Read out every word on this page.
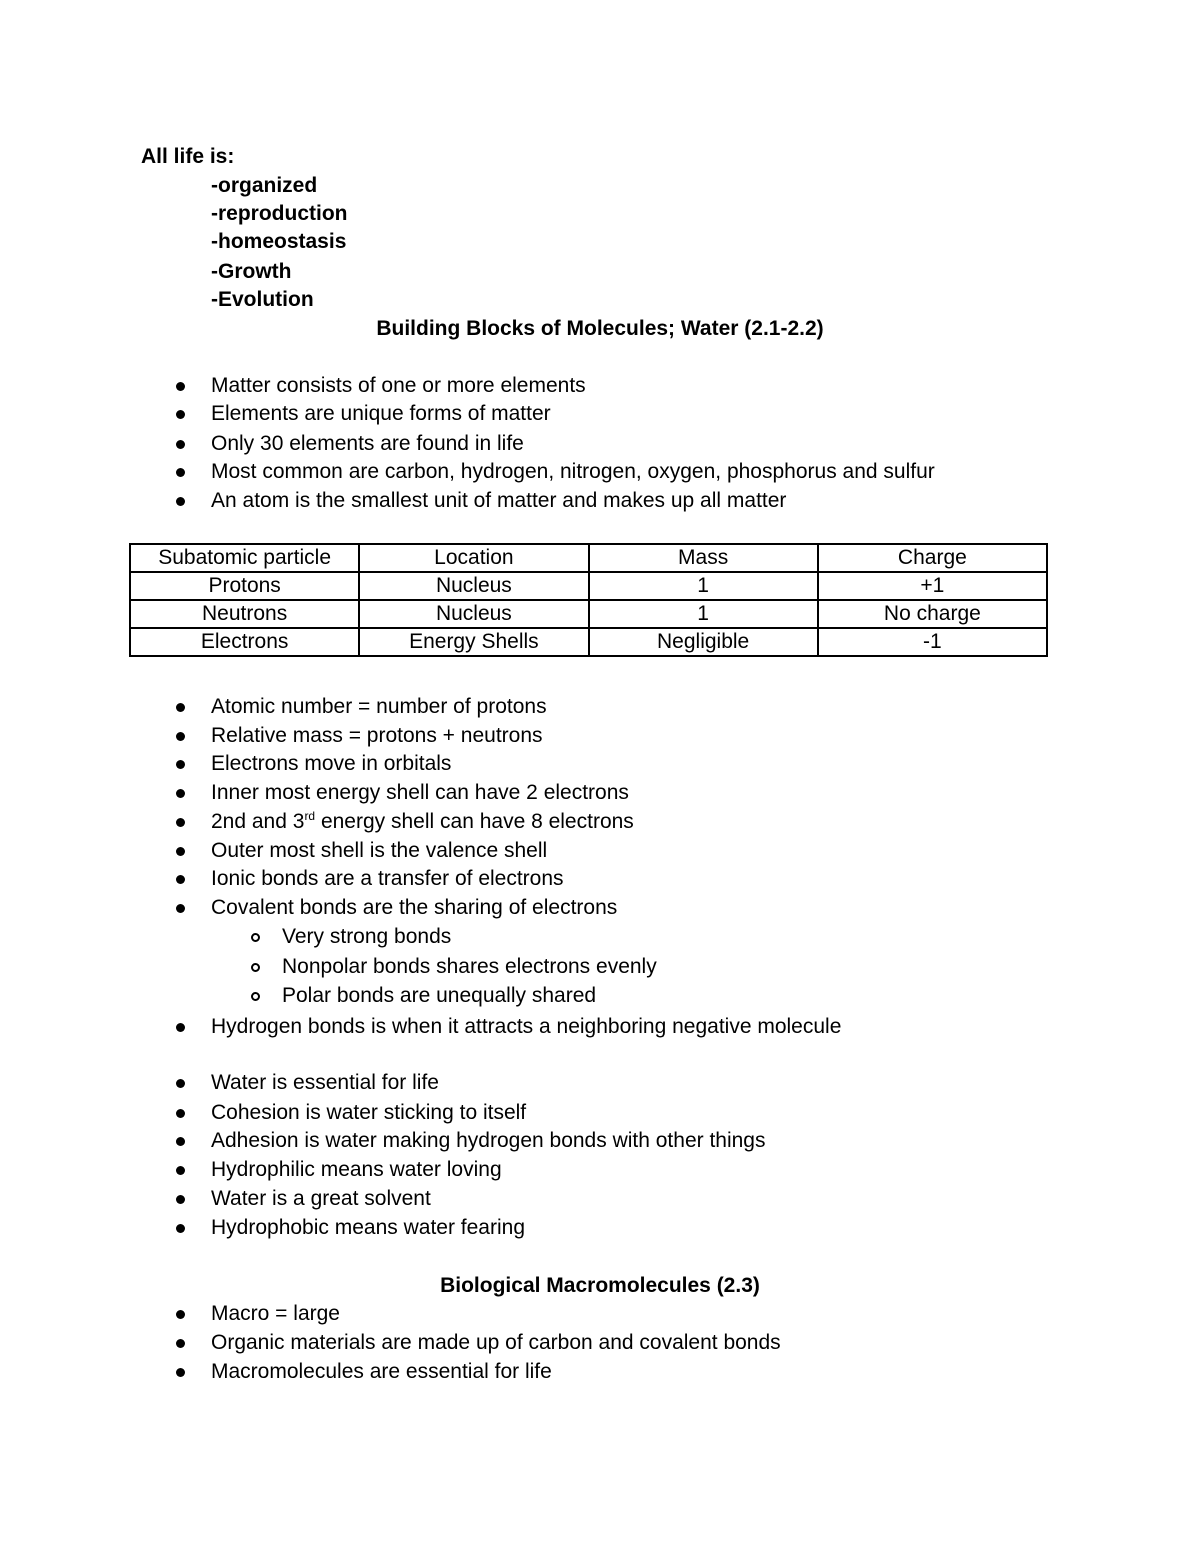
All life is:
-organized
-reproduction
-homeostasis
-Growth
-Evolution
Building Blocks of Molecules; Water (2.1-2.2)
Matter consists of one or more elements
Elements are unique forms of matter
Only 30 elements are found in life
Most common are carbon, hydrogen, nitrogen, oxygen, phosphorus and sulfur
An atom is the smallest unit of matter and makes up all matter
Subatomic particle	Location	Mass	Charge
Protons	Nucleus	1	+1
Neutrons	Nucleus	1	No charge
Electrons	Energy Shells	Negligible	-1
Atomic number = number of protons
Relative mass = protons + neutrons
Electrons move in orbitals
Inner most energy shell can have 2 electrons
2nd and 3rd energy shell can have 8 electrons
Outer most shell is the valence shell
Ionic bonds are a transfer of electrons
Covalent bonds are the sharing of electrons
Very strong bonds
Nonpolar bonds shares electrons evenly
Polar bonds are unequally shared
Hydrogen bonds is when it attracts a neighboring negative molecule
Water is essential for life
Cohesion is water sticking to itself
Adhesion is water making hydrogen bonds with other things
Hydrophilic means water loving
Water is a great solvent
Hydrophobic means water fearing
Biological Macromolecules (2.3)
Macro = large
Organic materials are made up of carbon and covalent bonds
Macromolecules are essential for life
